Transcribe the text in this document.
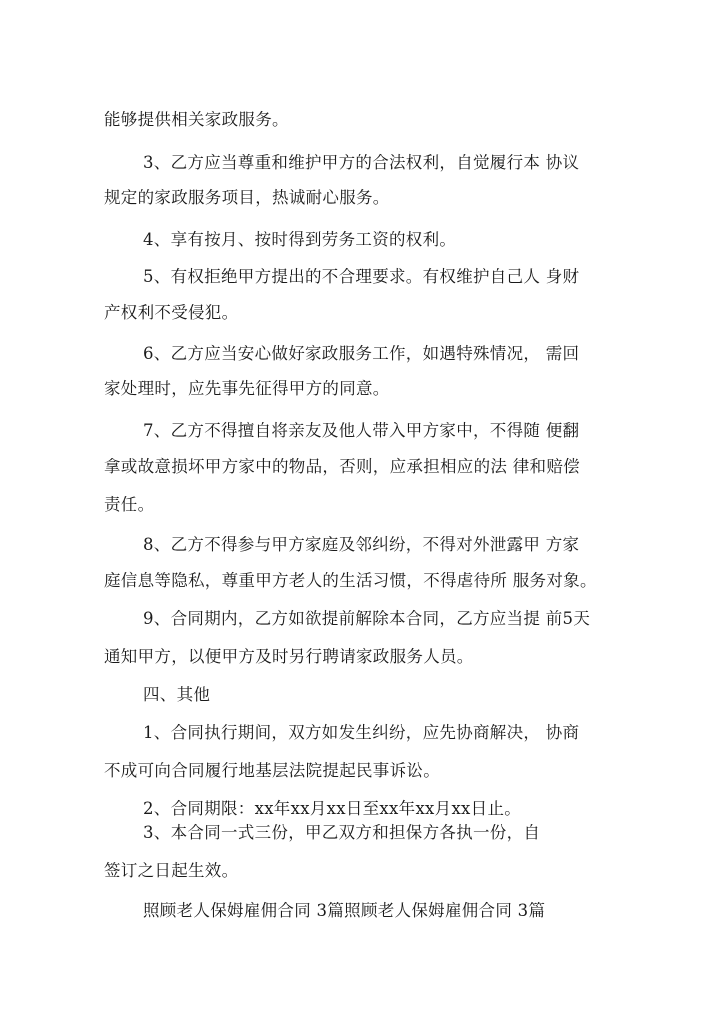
能够提供相关家政服务。
3、乙方应当尊重和维护甲方的合法权利，自觉履行本 协议
规定的家政服务项目，热诚耐心服务。
4、享有按月、按时得到劳务工资的权利。
5、有权拒绝甲方提出的不合理要求。有权维护自己人 身财
产权利不受侵犯。
6、乙方应当安心做好家政服务工作，如遇特殊情况， 需回
家处理时，应先事先征得甲方的同意。
7、乙方不得擅自将亲友及他人带入甲方家中，不得随 便翻
拿或故意损坏甲方家中的物品，否则，应承担相应的法 律和赔偿
责任。
8、乙方不得参与甲方家庭及邻纠纷，不得对外泄露甲 方家
庭信息等隐私，尊重甲方老人的生活习惯，不得虐待所 服务对象。
9、合同期内，乙方如欲提前解除本合同，乙方应当提 前5天
通知甲方，以便甲方及时另行聘请家政服务人员。
四、其他
1、合同执行期间，双方如发生纠纷，应先协商解决， 协商
不成可向合同履行地基层法院提起民事诉讼。
2、合同期限：xx年xx月xx日至xx年xx月xx日止。
3、本合同一式三份，甲乙双方和担保方各执一份，自
签订之日起生效。
照顾老人保姆雇佣合同 3篇照顾老人保姆雇佣合同 3篇
